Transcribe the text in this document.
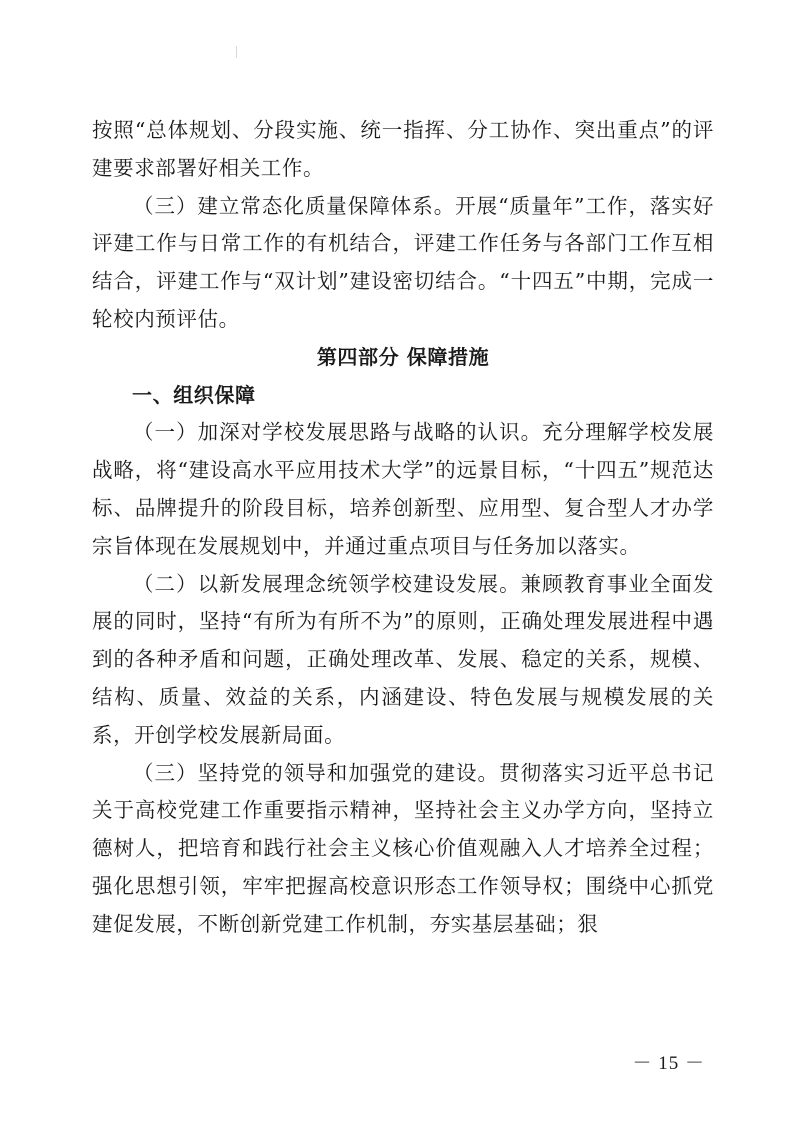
按照“总体规划、分段实施、统一指挥、分工协作、突出重点”的评建要求部署好相关工作。

（三）建立常态化质量保障体系。开展“质量年”工作，落实好评建工作与日常工作的有机结合，评建工作任务与各部门工作互相结合，评建工作与“双计划”建设密切结合。“十四五”中期，完成一轮校内预评估。

第四部分 保障措施
一、组织保障

（一）加深对学校发展思路与战略的认识。充分理解学校发展战略，将“建设高水平应用技术大学”的远景目标，“十四五”规范达标、品牌提升的阶段目标，培养创新型、应用型、复合型人才办学宗旨体现在发展规划中，并通过重点项目与任务加以落实。

（二）以新发展理念统领学校建设发展。兼顾教育事业全面发展的同时，坚持“有所为有所不为”的原则，正确处理发展进程中遇到的各种矛盾和问题，正确处理改革、发展、稳定的关系，规模、结构、质量、效益的关系，内涵建设、特色发展与规模发展的关系，开创学校发展新局面。

（三）坚持党的领导和加强党的建设。贯彻落实习近平总书记关于高校党建工作重要指示精神，坚持社会主义办学方向，坚持立德树人，把培育和践行社会主义核心价值观融入人才培养全过程；强化思想引领，牢牢把握高校意识形态工作领导权；围绕中心抓党建促发展，不断创新党建工作机制，夯实基层基础；狠

－ 15 －
